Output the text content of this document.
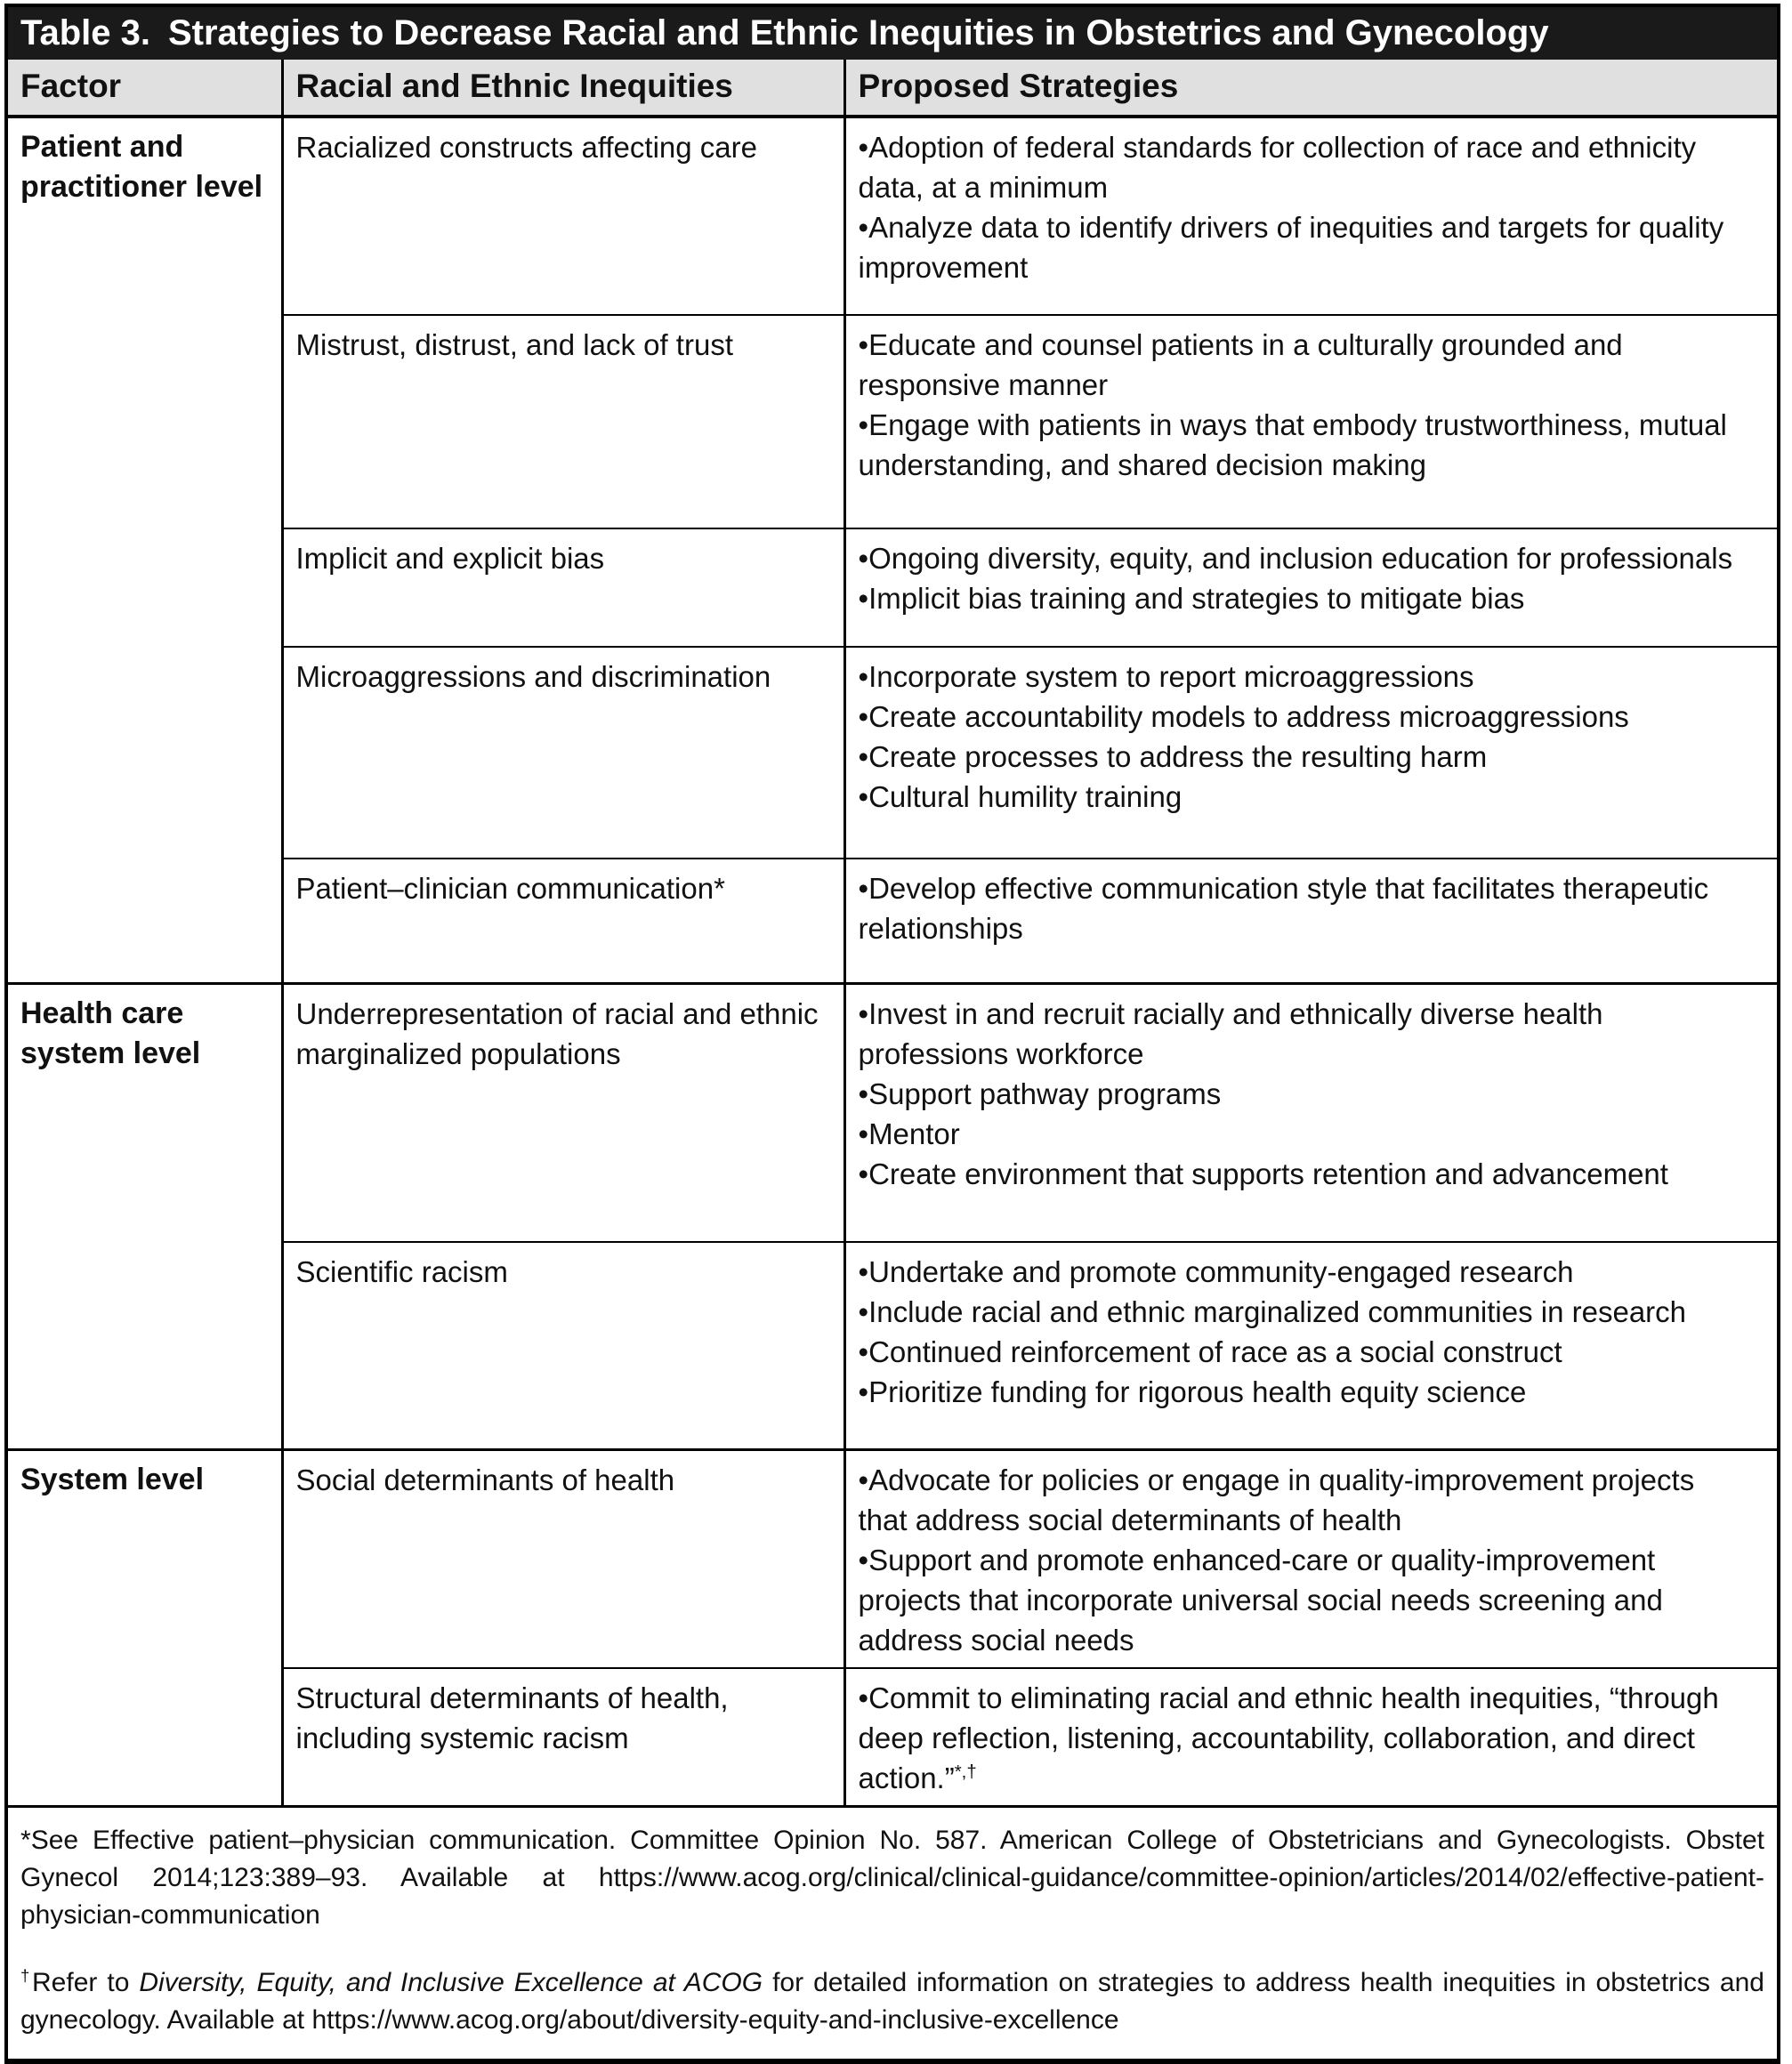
Table 3. Strategies to Decrease Racial and Ethnic Inequities in Obstetrics and Gynecology
Factor	Racial and Ethnic Inequities	Proposed Strategies
Patient and practitioner level	Racialized constructs affecting care	• Adoption of federal standards for collection of race and ethnicity data, at a minimum
• Analyze data to identify drivers of inequities and targets for quality improvement

	Mistrust, distrust, and lack of trust	• Educate and counsel patients in a culturally grounded and responsive manner
• Engage with patients in ways that embody trustworthiness, mutual understanding, and shared decision making

	Implicit and explicit bias	• Ongoing diversity, equity, and inclusion education for professionals
• Implicit bias training and strategies to mitigate bias

	Microaggressions and discrimination	• Incorporate system to report microaggressions
• Create accountability models to address microaggressions
• Create processes to address the resulting harm
• Cultural humility training

	Patient–clinician communication*	• Develop effective communication style that facilitates therapeutic relationships

Health care system level	Underrepresentation of racial and ethnic marginalized populations	• Invest in and recruit racially and ethnically diverse health professions workforce
• Support pathway programs
• Mentor
• Create environment that supports retention and advancement

	Scientific racism	• Undertake and promote community-engaged research
• Include racial and ethnic marginalized communities in research
• Continued reinforcement of race as a social construct
• Prioritize funding for rigorous health equity science

System level	Social determinants of health	• Advocate for policies or engage in quality-improvement projects that address social determinants of health
• Support and promote enhanced-care or quality-improvement projects that incorporate universal social needs screening and address social needs

	Structural determinants of health, including systemic racism	• Commit to eliminating racial and ethnic health inequities, “through deep reflection, listening, accountability, collaboration, and direct action.”*,†
*See Effective patient–physician communication. Committee Opinion No. 587. American College of Obstetricians and Gynecologists. Obstet Gynecol 2014;123:389–93. Available at https://www.acog.org/clinical/clinical-guidance/committee-opinion/articles/2014/02/effective-patient-physician-communication
†Refer to Diversity, Equity, and Inclusive Excellence at ACOG for detailed information on strategies to address health inequities in obstetrics and gynecology. Available at https://www.acog.org/about/diversity-equity-and-inclusive-excellence
